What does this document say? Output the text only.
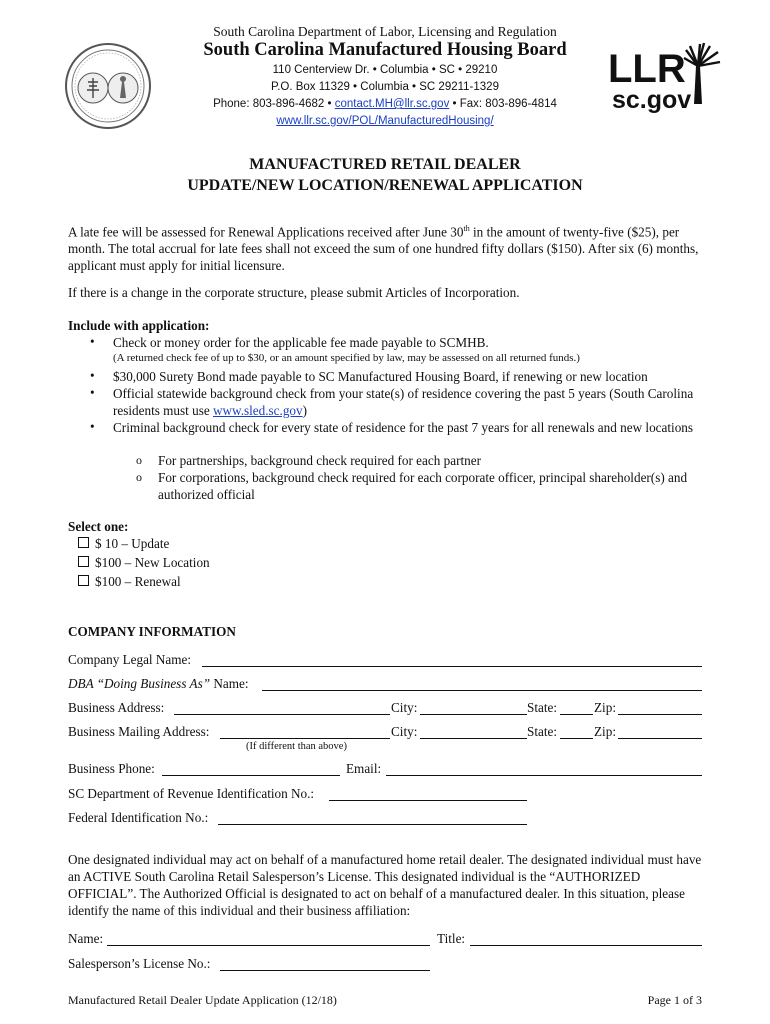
South Carolina Department of Labor, Licensing and Regulation
South Carolina Manufactured Housing Board
110 Centerview Dr. • Columbia • SC • 29210
P.O. Box 11329 • Columbia • SC 29211-1329
Phone: 803-896-4682 • contact.MH@llr.sc.gov • Fax: 803-896-4814
www.llr.sc.gov/POL/ManufacturedHousing/
LLR
sc.gov
MANUFACTURED RETAIL DEALER
UPDATE/NEW LOCATION/RENEWAL APPLICATION
A late fee will be assessed for Renewal Applications received after June 30th in the amount of twenty-five ($25), per month. The total accrual for late fees shall not exceed the sum of one hundred fifty dollars ($150). After six (6) months, applicant must apply for initial licensure.
If there is a change in the corporate structure, please submit Articles of Incorporation.
Include with application:
• Check or money order for the applicable fee made payable to SCMHB.
(A returned check fee of up to $30, or an amount specified by law, may be assessed on all returned funds.)
• $30,000 Surety Bond made payable to SC Manufactured Housing Board, if renewing or new location
• Official statewide background check from your state(s) of residence covering the past 5 years (South Carolina residents must use www.sled.sc.gov)
• Criminal background check for every state of residence for the past 7 years for all renewals and new locations
o For partnerships, background check required for each partner
o For corporations, background check required for each corporate officer, principal shareholder(s) and authorized official
Select one:
$ 10 – Update
$100 – New Location
$100 – Renewal
COMPANY INFORMATION
Company Legal Name:
DBA “Doing Business As” Name:
Business Address:	City:	State:	Zip:
Business Mailing Address:	City:	State:	Zip:
(If different than above)
Business Phone:	Email:
SC Department of Revenue Identification No.:
Federal Identification No.:
One designated individual may act on behalf of a manufactured home retail dealer. The designated individual must have an ACTIVE South Carolina Retail Salesperson’s License. This designated individual is the “AUTHORIZED OFFICIAL”. The Authorized Official is designated to act on behalf of a manufactured dealer. In this situation, please identify the name of this individual and their business affiliation:
Name:	Title:
Salesperson’s License No.:
Manufactured Retail Dealer Update Application (12/18)	Page 1 of 3
